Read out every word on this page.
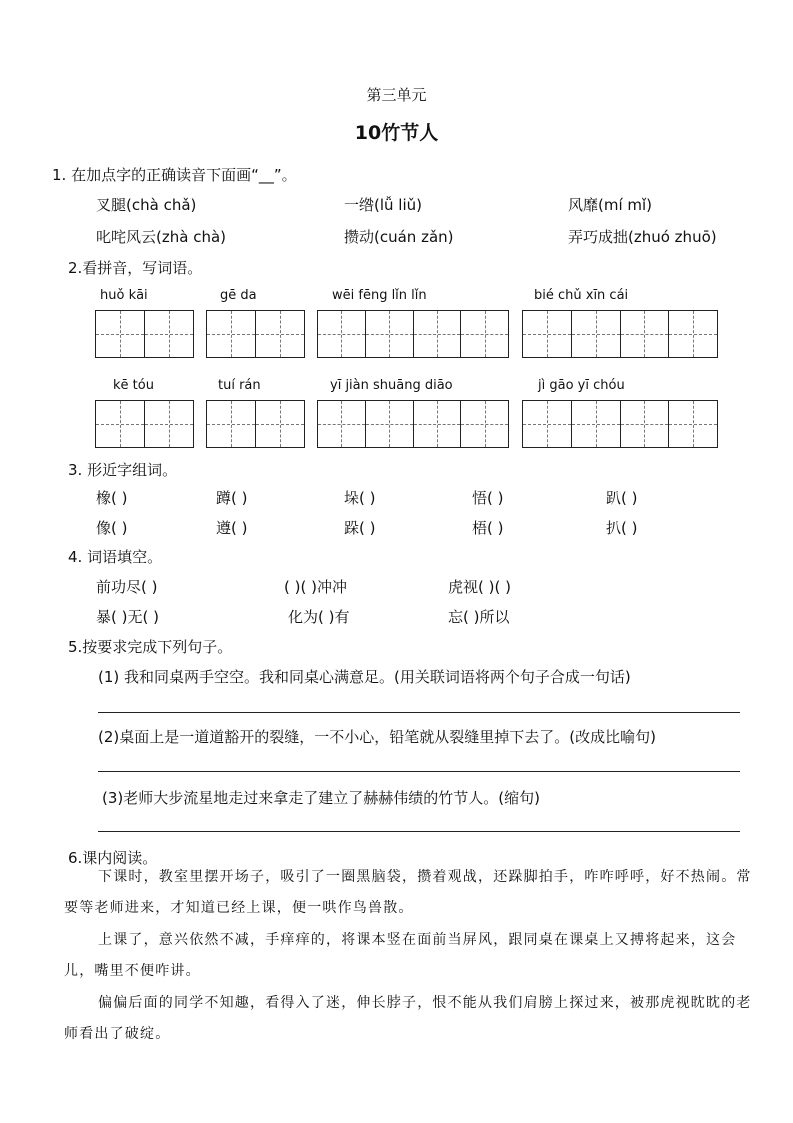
第三单元
10竹节人
1. 在加点字的正确读音下面画“__”。
叉腿(chà chǎ)	一绺(lǚ liǔ)	风靡(mí mǐ)
叱咤风云(zhà chà)	攒动(cuán zǎn)	弄巧成拙(zhuó zhuō)
2.看拼音，写词语。
huǒ kāi	gē da	wēi fēng lǐn lǐn	bié chǔ xīn cái
kē tóu	tuí rán	yī jiàn shuāng diāo	jì gāo yī chóu
3. 形近字组词。
橡( )	蹲( )	垛( )	悟( )	趴( )
像( )	遵( )	跺( )	梧( )	扒( )
4. 词语填空。
前功尽( )	( )( )冲冲	虎视( )( )
暴( )无( )	化为( )有	忘( )所以
5.按要求完成下列句子。
(1) 我和同桌两手空空。我和同桌心满意足。(用关联词语将两个句子合成一句话)
(2)桌面上是一道道豁开的裂缝，一不小心，铅笔就从裂缝里掉下去了。(改成比喻句)
(3)老师大步流星地走过来拿走了建立了赫赫伟绩的竹节人。(缩句)
6.课内阅读。
下课时，教室里摆开场子，吸引了一圈黑脑袋，攒着观战，还跺脚拍手，咋咋呼呼，好不热闹。常要等老师进来，才知道已经上课，便一哄作鸟兽散。
上课了，意兴依然不减，手痒痒的，将课本竖在面前当屏风，跟同桌在课桌上又搏将起来，这会儿，嘴里不便咋讲。
偏偏后面的同学不知趣，看得入了迷，伸长脖子，恨不能从我们肩膀上探过来，被那虎视眈眈的老师看出了破绽。
